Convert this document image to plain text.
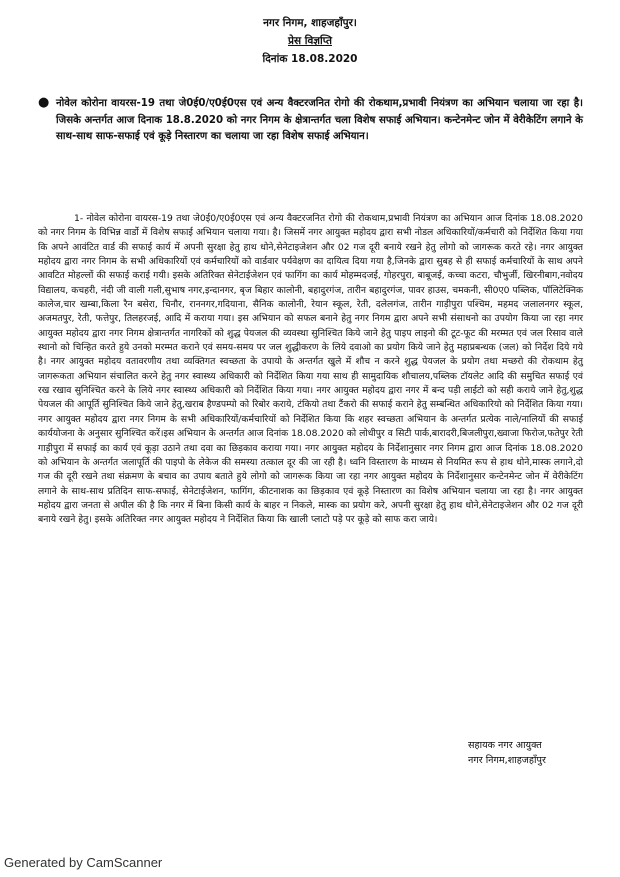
नगर निगम, शाहजहाँपुर।
प्रेस विज्ञप्ति
दिनांक 18.08.2020
● नोवेल कोरोना वायरस-19 तथा जे0ई0/ए0ई0एस एवं अन्य वैक्टरजनित रोगो की रोकथाम,प्रभावी नियंत्रण का अभियान चलाया जा रहा है। जिसके अन्तर्गत आज दिनाक 18.8.2020 को नगर निगम के क्षेत्रान्तर्गत चला विशेष सफाई अभियान। कन्टेनमेन्ट जोन में वेरीकेटिंग लगाने के साथ-साथ साफ-सफाई एवं कूड़े निस्तारण का चलाया जा रहा विशेष सफाई अभियान।
1- नोवेल कोरोना वायरस-19 तथा जे0ई0/ए0ई0एस एवं अन्य वैक्टरजनित रोगो की रोकथाम,प्रभावी नियंत्रण का अभियान आज दिनांक 18.08.2020 को नगर निगम के विभिन्न वार्डो में विशेष सफाई अभियान चलाया गया। है। जिसमें नगर आयुक्त महोदय द्वारा सभी नोडल अधिकारियों/कर्मचारी को निर्देशित किया गया कि अपने आवंटित वार्ड की सफाई कार्य में अपनी सुरक्षा हेतु हाथ धोने,सेनेटाइजेशन और 02 गज दूरी बनाये रखने हेतु लोगो को जागरूक करते रहे। नगर आयुक्त महोदय द्वारा नगर निगम के सभी अधिकारियों एवं कर्मचारियों को वार्डवार पर्यवेक्षण का दायित्व दिया गया है,जिनके द्वारा सुबह से ही सफाई कर्मचारियों के साथ अपने आवटित मोहल्लों की सफाई कराई गयी। इसके अतिरिक्त सेनेटाईजेशन एवं फागिंग का कार्य मोहम्मदजई, गोहरपुरा, बाबूजई, कच्चा कटरा, चौभुर्जी, खिरनीबाग,नवोदय विद्यालय, कचहरी, नंदी जी वाली गली,सुभाष नगर,इन्दानगर, बृज बिहार कालोनी, बहादुरगंज, तारीन बहादुरगंज, पावर हाउस, चमकनी, सी0ए0 पब्लिक, पॉलिटेक्निक कालेज,चार खम्बा,किला रैन बसेरा, चिनौर, राननगर,गदियाना, सैनिक कालोनी, रेयान स्कूल, रेती, दलेलगंज, तारीन गाड़ीपुरा पश्चिम, महमद जलालनगर स्कूल, अजमतपुर, रेती, फत्तेपुर, तिलहरजई, आदि में कराया गया। इस अभियान को सफल बनाने हेतु नगर निगम द्वारा अपने सभी संसाधनो का उपयोग किया जा रहा नगर आयुक्त महोदय द्वारा नगर निगम क्षेत्रान्तर्गत नागरिकों को शुद्ध पेयजल की व्यवस्था सुनिश्चित किये जाने हेतु पाइप लाइनो की टूट-फूट की मरम्मत एवं जल रिसाव वाले स्थानो को चिन्हित करते हुये उनको मरम्मत कराने एवं समय-समय पर जल शुद्धीकरण के लिये दवाओ का प्रयोग किये जाने हेतु महाप्रबन्धक (जल) को निर्देश दिये गये है। नगर आयुक्त महोदय वतावरणीय तथा व्यक्तिगत स्वच्छता के उपायो के अन्तर्गत खुले में शौच न करने शुद्ध पेयजल के प्रयोग तथा मच्छरो की रोकथाम हेतु जागरूकता अभियान संचालित करने हेतु नगर स्वास्थ्य अधिकारी को निर्देशित किया गया साथ ही सामुदायिक शौचालय,पब्लिक टॉयलेट आदि की समुचित सफाई एवं रख रखाव सुनिश्चित करने के लिये नगर स्वास्थ्य अधिकारी को निर्देशित किया गया। नगर आयुक्त महोदय द्वारा नगर में बन्द पड़ी लाईटो को सही कराये जाने हेतु,शुद्ध पेयजल की आपूर्ति सुनिश्चित किये जाने हेतु,खराब हैण्डपम्पो को रिबोर कराये, टंकियो तथा टैंकरो की सफाई कराने हेतु सम्बन्धित अधिकारियो को निर्देशित किया गया। नगर आयुक्त महोदय द्वारा नगर निगम के सभी अधिकारियों/कर्मचारियों को निर्देशित किया कि शहर स्वच्छता अभियान के अन्तर्गत प्रत्येक नाले/नालियों की सफाई कार्ययोजना के अनुसार सुनिश्चित करें।इस अभियान के अन्तर्गत आज दिनांक 18.08.2020 को लोधीपुर व सिटी पार्क,बारादरी,बिजलीपुरा,ख्वाजा फिरोज,फतेपुर रेती गाड़ीपुरा में सफाई का कार्य एवं कूड़ा उठाने तथा दवा का छिड़काव कराया गया। नगर आयुक्त महोदय के निर्देशानुसार नगर निगम द्वारा आज दिनांक 18.08.2020 को अभियान के अन्तर्गत जलापूर्ति की पाइपो के लेकेज की समस्या तत्काल दूर की जा रही है। ध्वनि विस्तारण के माध्यम से नियमित रूप से हाथ धोने,मास्क लगाने,दो गज की दूरी रखने तथा संक्रमण के बचाव का उपाय बताते हुये लोगो को जागरूक किया जा रहा नगर आयुक्त महोदय के निर्देशानुसार कन्टेनमेन्ट जोन में वेरीकेटिंग लगाने के साथ-साथ प्रतिदिन साफ-सफाई, सेनेटाईजेशन, फागिंग, कीटनाशक का छिड़काव एवं कूड़े निस्तारण का विशेष अभियान चलाया जा रहा है। नगर आयुक्त महोदय द्वारा जनता से अपील की है कि नगर में बिना किसी कार्य के बाहर न निकले, मास्क का प्रयोग करे, अपनी सुरक्षा हेतु हाथ धोने,सेनेटाइजेशन और 02 गज दूरी बनाये रखने हेतु। इसके अतिरिक्त नगर आयुक्त महोदय ने निर्देशित किया कि खाली प्लाटो पड़े पर कूड़े को साफ करा जाये।
सहायक नगर आयुक्त
नगर निगम,शाहजहाँपुर
Generated by CamScanner
